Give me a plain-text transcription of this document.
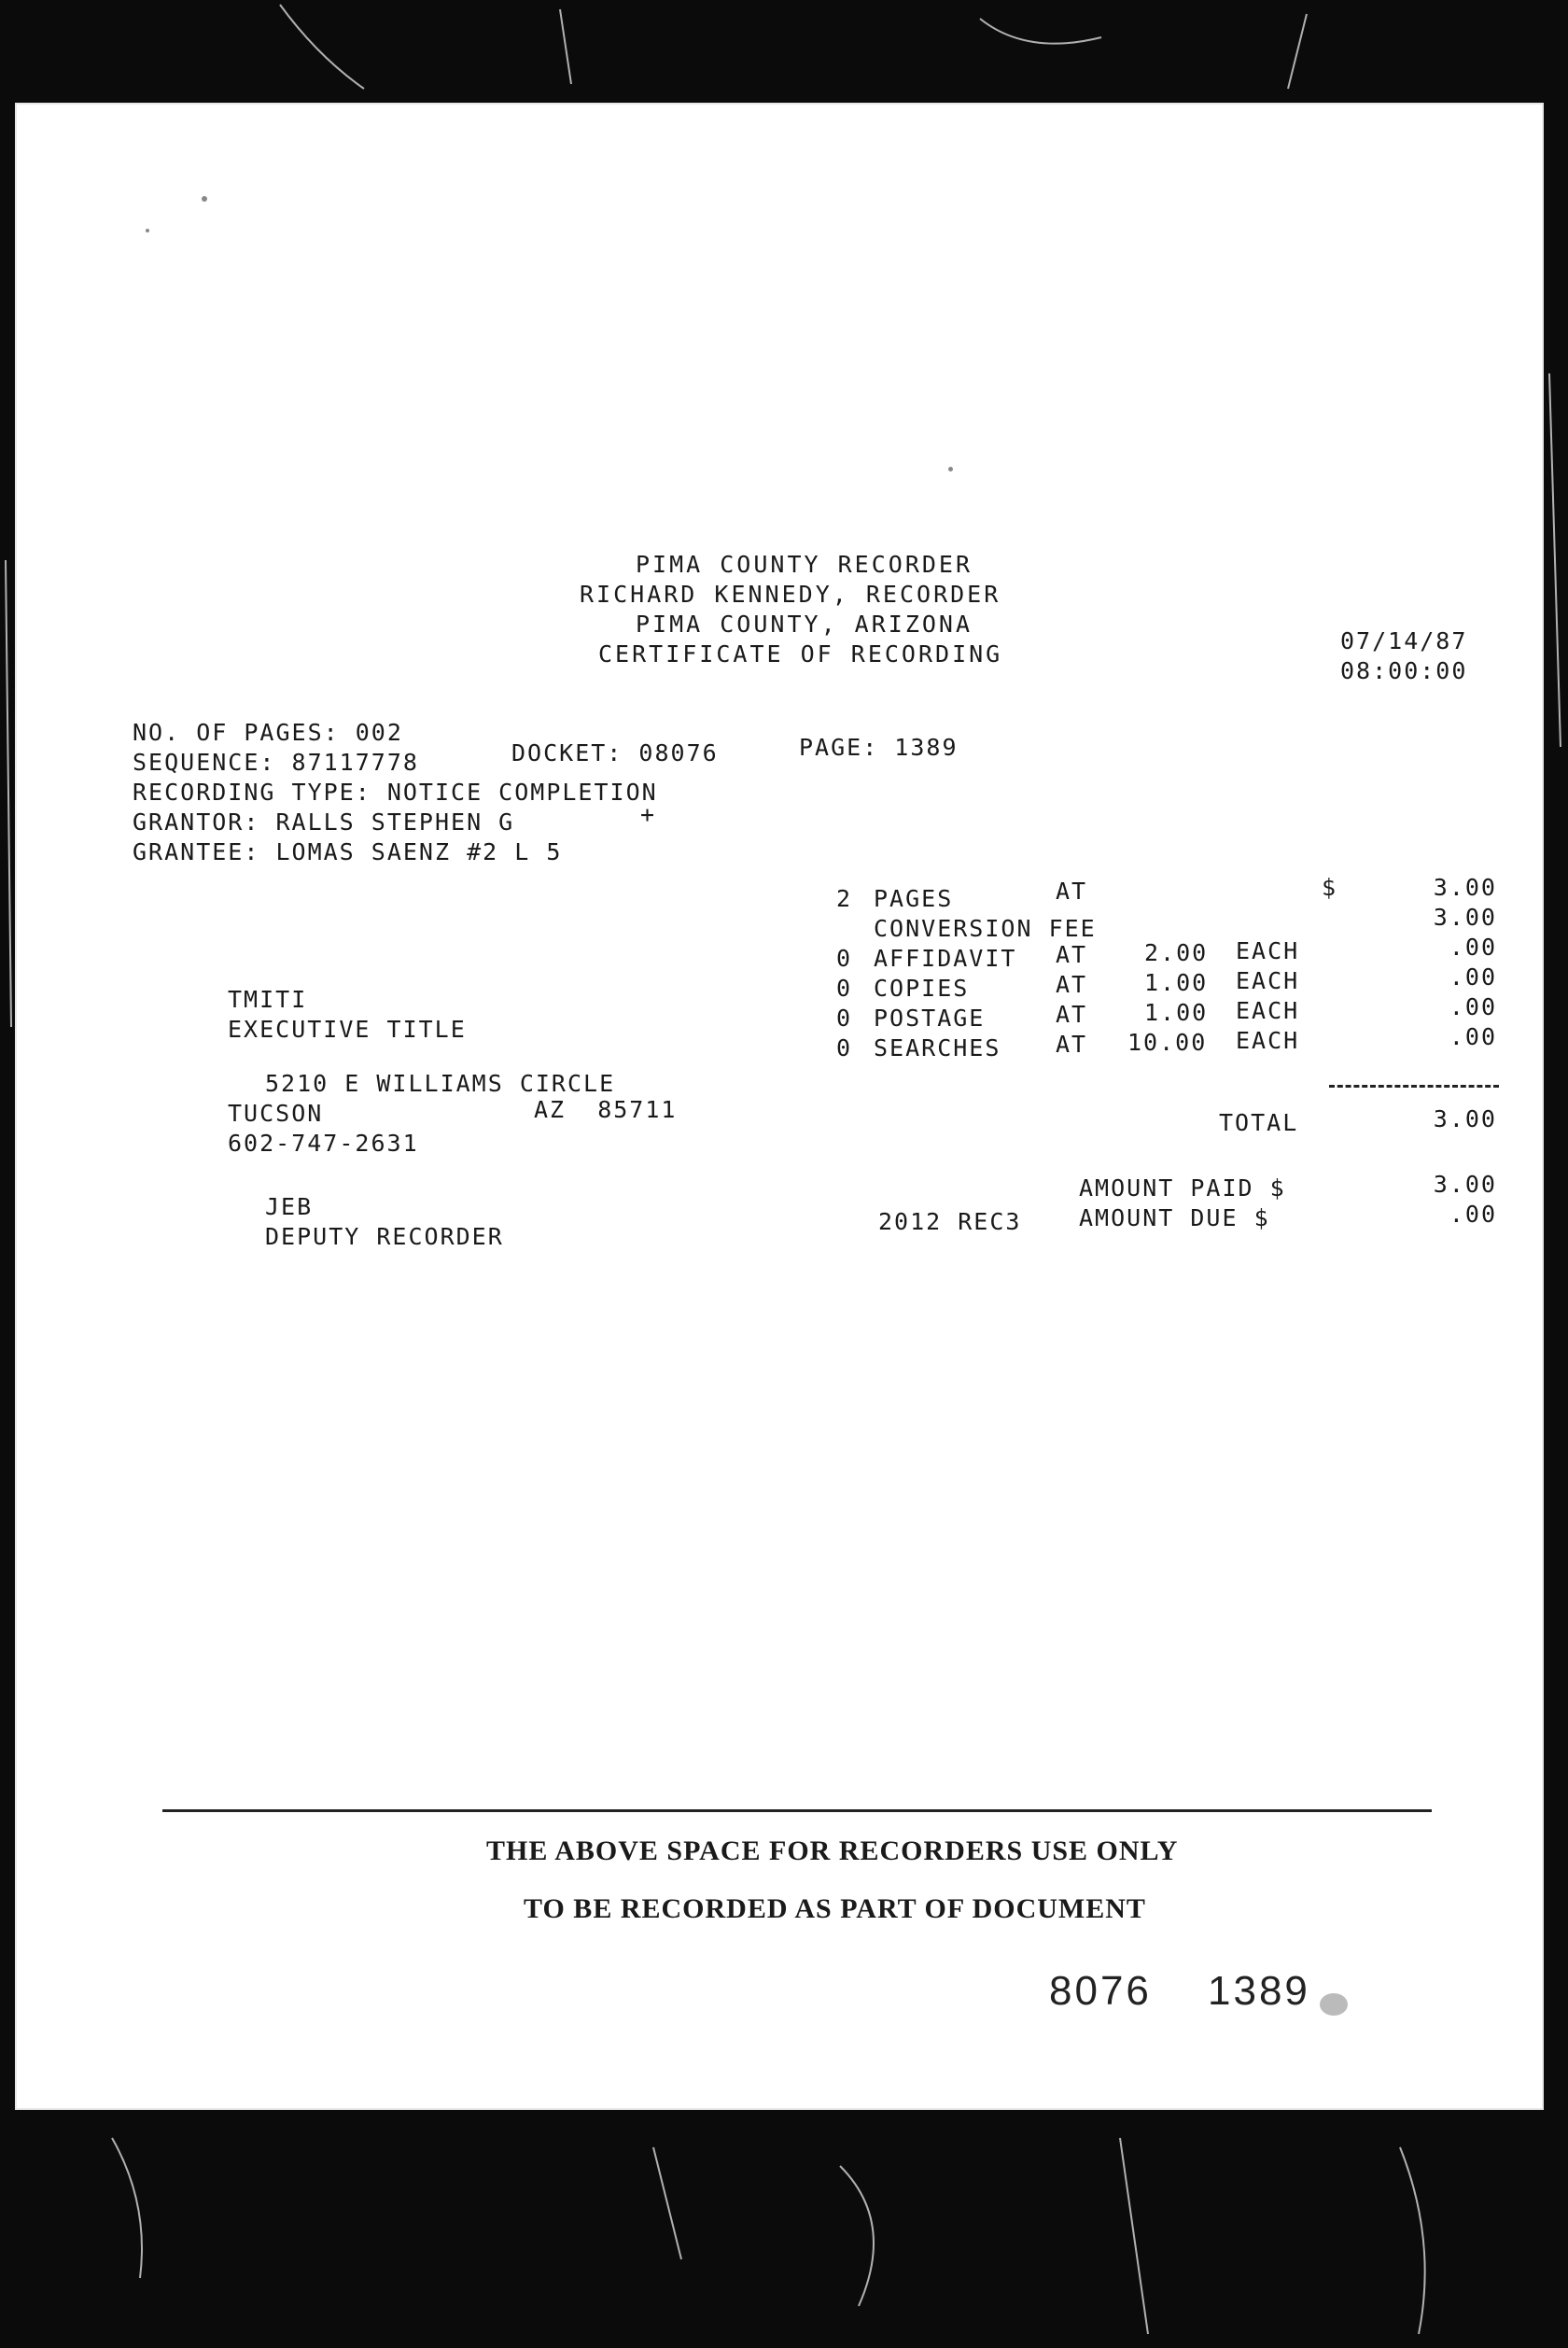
PIMA COUNTY RECORDER
RICHARD KENNEDY, RECORDER
PIMA COUNTY, ARIZONA
CERTIFICATE OF RECORDING	07/14/87
08:00:00
NO. OF PAGES: 002
SEQUENCE: 87117778	DOCKET: 08076	PAGE: 1389
RECORDING TYPE: NOTICE COMPLETION
GRANTOR: RALLS STEPHEN G	+
GRANTEE: LOMAS SAENZ #2 L 5
2 PAGES	AT	$	3.00
CONVERSION FEE	3.00
0 AFFIDAVIT AT 2.00 EACH	.00
0 COPIES	AT 1.00 EACH	.00
0 POSTAGE	AT 1.00 EACH	.00
0 SEARCHES AT 10.00 EACH	.00
TOTAL	3.00
AMOUNT PAID $	3.00
2012 REC3 AMOUNT DUE $	.00
TMITI
EXECUTIVE TITLE
5210 E WILLIAMS CIRCLE
TUCSON	AZ  85711
602-747-2631
JEB
DEPUTY RECORDER
THE ABOVE SPACE FOR RECORDERS USE ONLY
TO BE RECORDED AS PART OF DOCUMENT
8076 1389
